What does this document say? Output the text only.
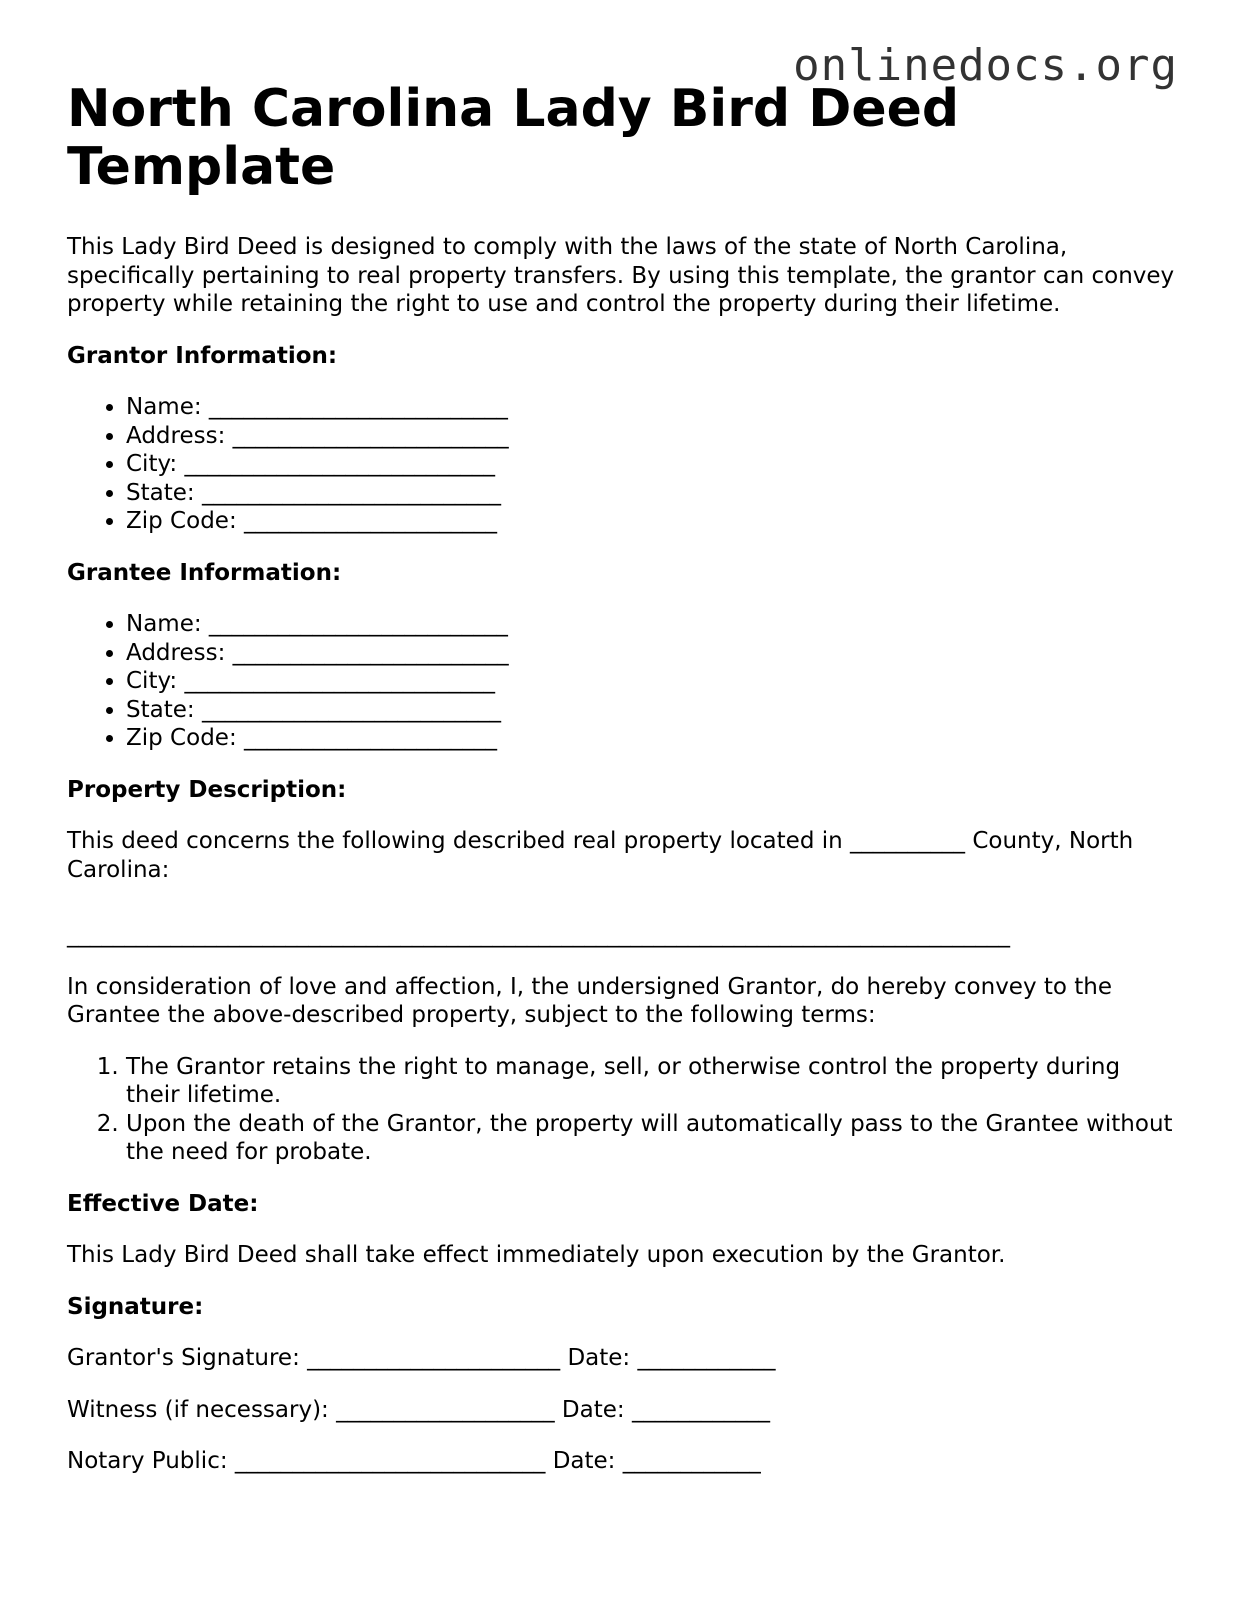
onlinedocs.org
North Carolina Lady Bird Deed
Template

This Lady Bird Deed is designed to comply with the laws of the state of North Carolina, specifically pertaining to real property transfers. By using this template, the grantor can convey property while retaining the right to use and control the property during their lifetime.

Grantor Information:
• Name: __________________________
• Address: ________________________
• City: ___________________________
• State: __________________________
• Zip Code: ______________________
Grantee Information:
• Name: __________________________
• Address: ________________________
• City: ___________________________
• State: __________________________
• Zip Code: ______________________
Property Description:

This deed concerns the following described real property located in __________ County, North Carolina:

__________________________________________________________________________________

In consideration of love and affection, I, the undersigned Grantor, do hereby convey to the Grantee the above-described property, subject to the following terms:

1. The Grantor retains the right to manage, sell, or otherwise control the property during their lifetime.
2. Upon the death of the Grantor, the property will automatically pass to the Grantee without the need for probate.
Effective Date:

This Lady Bird Deed shall take effect immediately upon execution by the Grantor.

Signature:

Grantor's Signature: ______________________ Date: ____________

Witness (if necessary): ___________________ Date: ____________

Notary Public: ___________________________ Date: ____________
